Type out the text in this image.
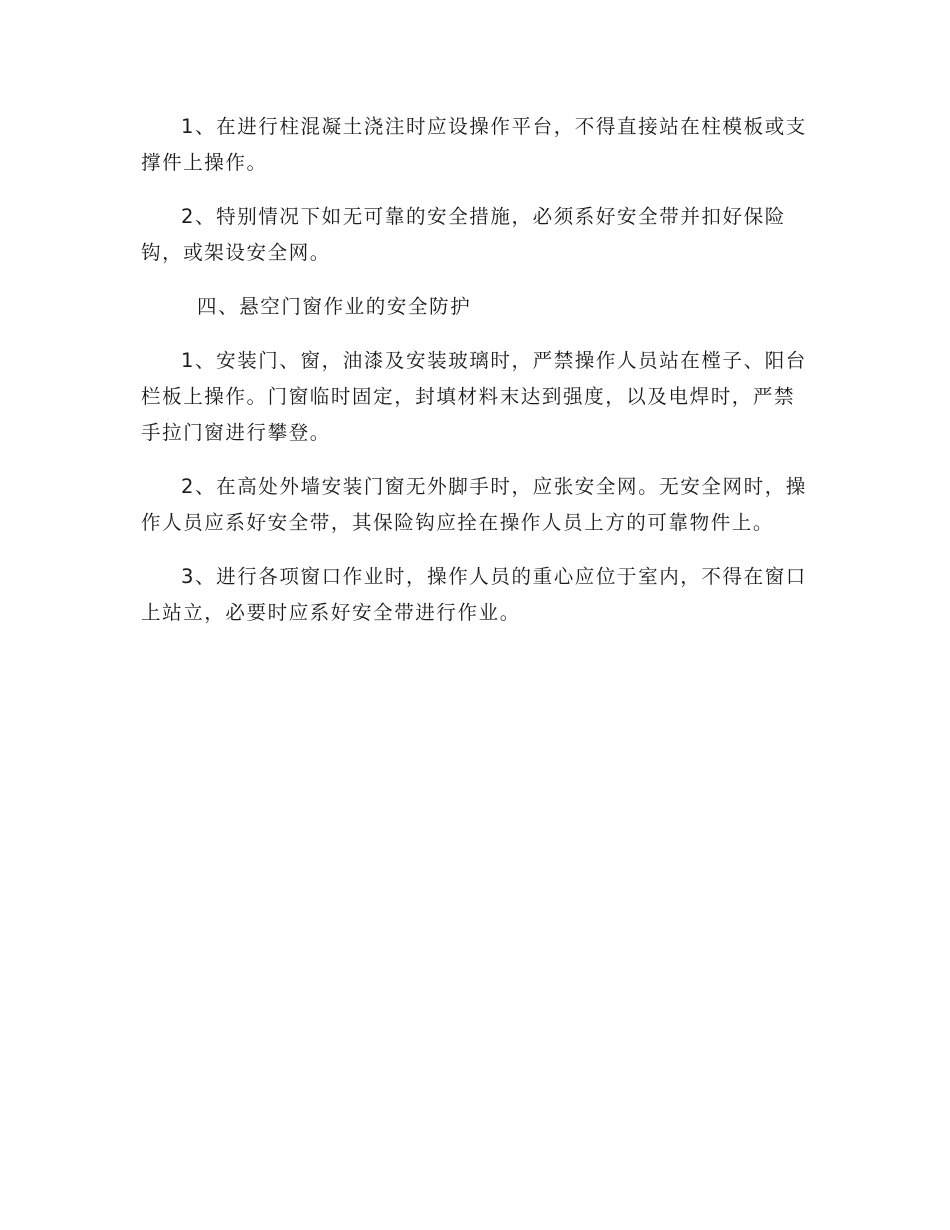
1、在进行柱混凝土浇注时应设操作平台，不得直接站在柱模板或支撑件上操作。

2、特别情况下如无可靠的安全措施，必须系好安全带并扣好保险钩，或架设安全网。

四、悬空门窗作业的安全防护

1、安装门、窗，油漆及安装玻璃时，严禁操作人员站在樘子、阳台栏板上操作。门窗临时固定，封填材料末达到强度，以及电焊时，严禁手拉门窗进行攀登。

2、在高处外墙安装门窗无外脚手时，应张安全网。无安全网时，操作人员应系好安全带，其保险钩应拴在操作人员上方的可靠物件上。

3、进行各项窗口作业时，操作人员的重心应位于室内，不得在窗口上站立，必要时应系好安全带进行作业。
